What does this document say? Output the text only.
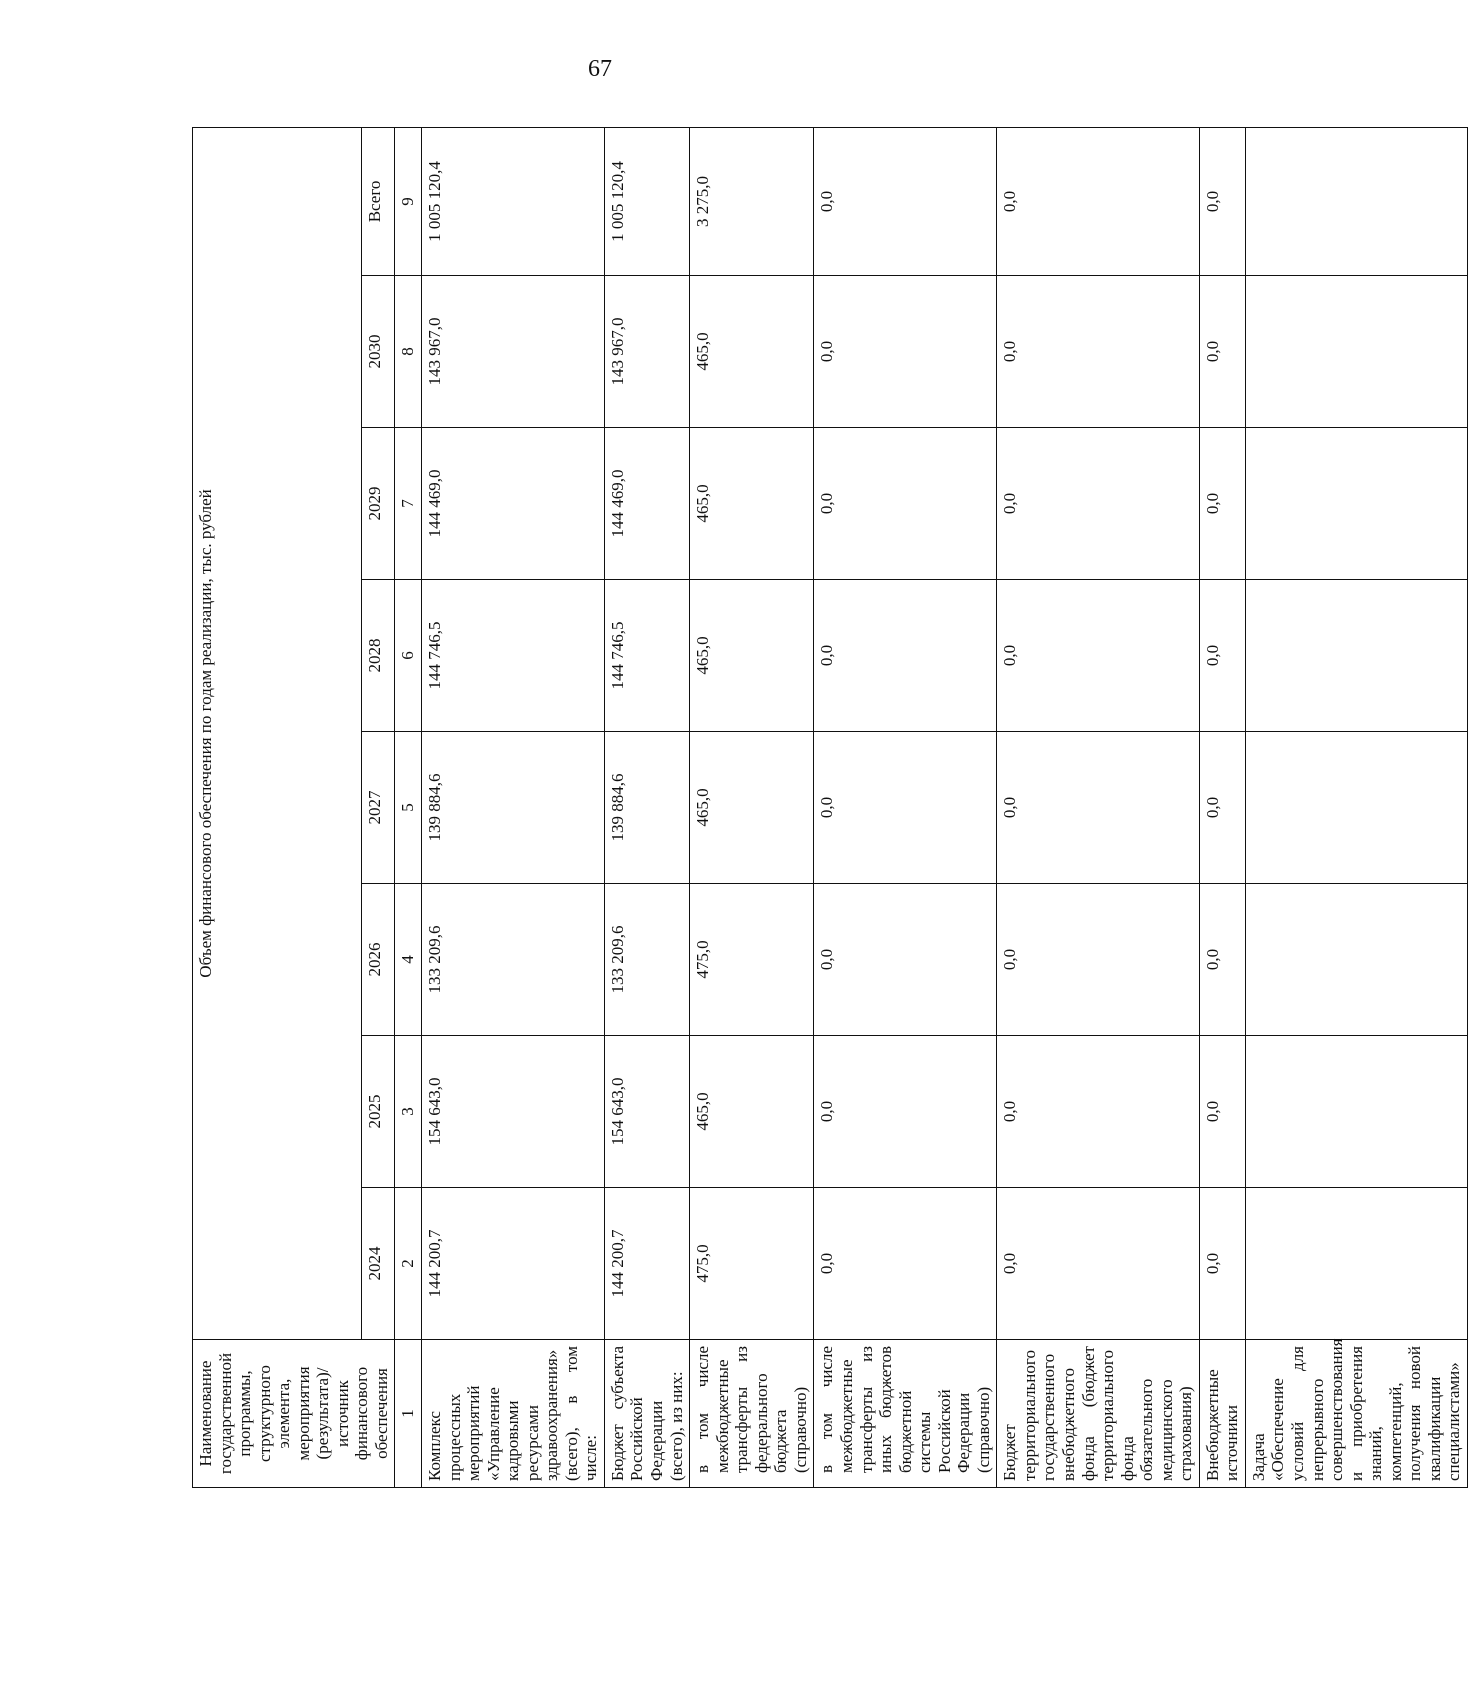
67
Наименование государственной программы, структурного элемента, мероприятия (результата)/источник финансового обеспечения	Объем финансового обеспечения по годам реализации, тыс. рублей							
	2024	2025	2026	2027	2028	2029	2030	Всего
1	2	3	4	5	6	7	8	9
Комплекс процессных мероприятий «Управление кадровыми ресурсами здравоохранения» (всего), в том числе:	144 200,7	154 643,0	133 209,6	139 884,6	144 746,5	144 469,0	143 967,0	1 005 120,4
Бюджет субъекта Российской Федерации (всего), из них:	144 200,7	154 643,0	133 209,6	139 884,6	144 746,5	144 469,0	143 967,0	1 005 120,4
в том числе межбюджетные трансферты из федерального бюджета (справочно)	475,0	465,0	475,0	465,0	465,0	465,0	465,0	3 275,0
в том числе межбюджетные трансферты из иных бюджетов бюджетной системы Российской Федерации (справочно)	0,0	0,0	0,0	0,0	0,0	0,0	0,0	0,0
Бюджет территориального государственного внебюджетного фонда (бюджет территориального фонда обязательного медицинского страхования)	0,0	0,0	0,0	0,0	0,0	0,0	0,0	0,0
Внебюджетные источники	0,0	0,0	0,0	0,0	0,0	0,0	0,0	0,0
Задача «Обеспечение условий для непрерывного совершенствования и приобретения знаний, компетенций, получения новой квалификации специалистами»								
